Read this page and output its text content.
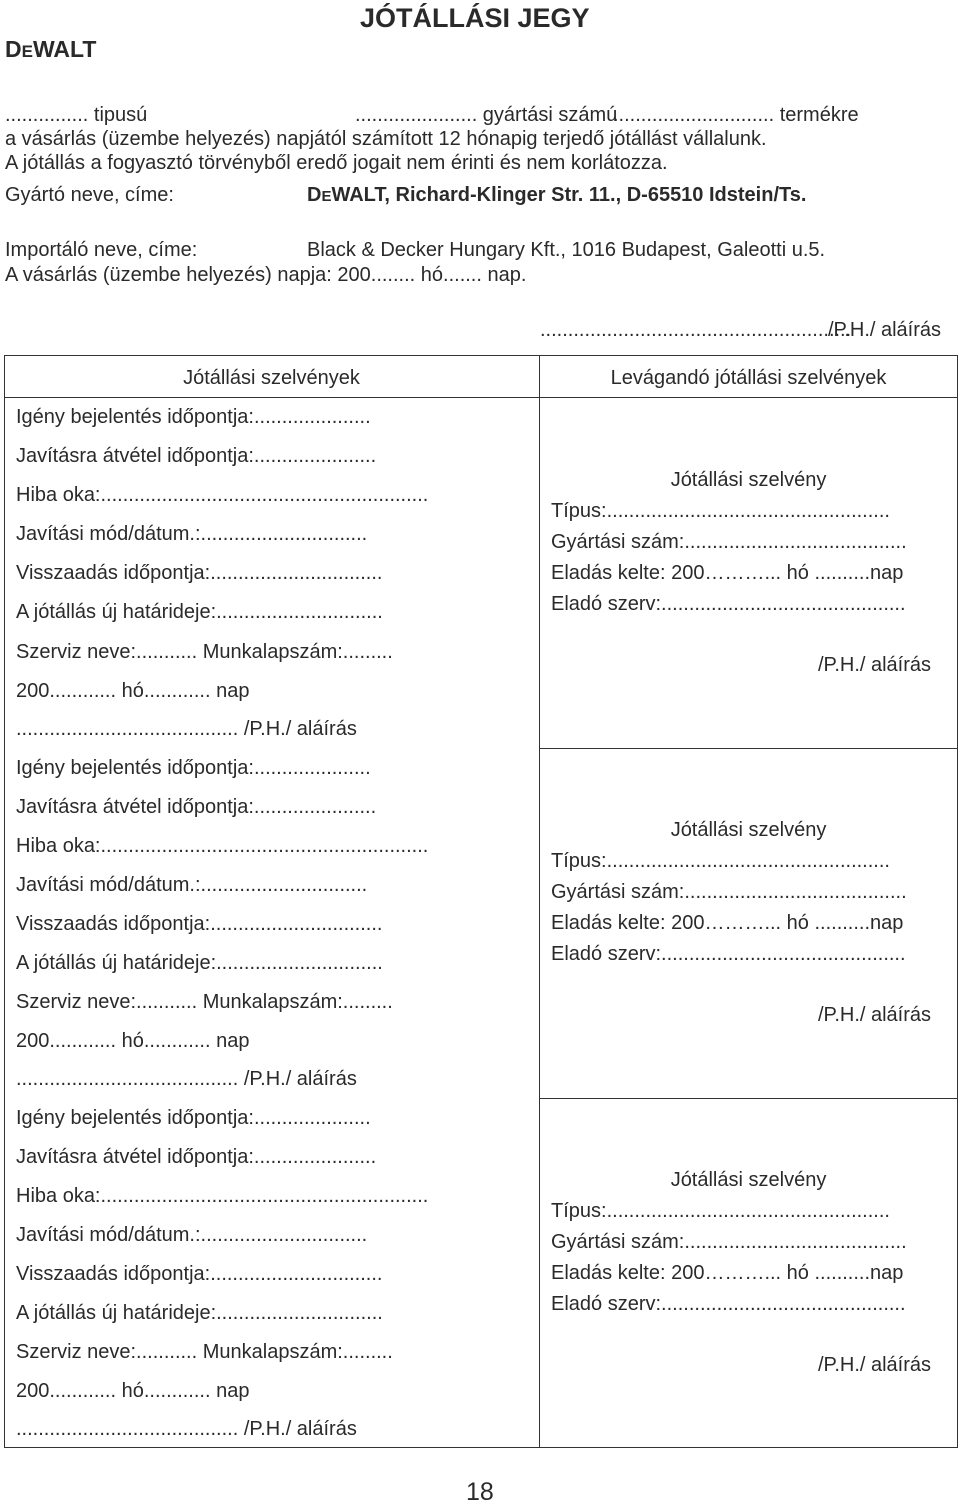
JÓTÁLLÁSI JEGY
DEWALT
............... tipusú	...................... gyártási számú
............................. termékre
a vásárlás (üzembe helyezés) napjától számított 12 hónapig terjedő jótállást vállalunk.
A jótállás a fogyasztó törvényből eredő jogait nem érinti és nem korlátozza.
Gyártó neve, címe:	DEWALT, Richard-Klinger Str. 11., D-65510 Idstein/Ts.
Importáló neve, címe:	Black & Decker Hungary Kft., 1016 Budapest, Galeotti u.5.
A vásárlás (üzembe helyezés) napja: 200........ hó....... nap.
........................................................
/P.H./ aláírás
Jótállási szelvények	Levágandó jótállási szelvények
Igény bejelentés időpontja:.....................
Javításra átvétel időpontja:......................
Hiba oka:...........................................................
Javítási mód/dátum.:..............................
Visszaadás időpontja:...............................
A jótállás új határideje:..............................
Szerviz neve:........... Munkalapszám:.........
200............ hó............ nap
........................................ /P.H./ aláírás
Igény bejelentés időpontja:.....................
Javításra átvétel időpontja:......................
Hiba oka:...........................................................
Javítási mód/dátum.:..............................
Visszaadás időpontja:...............................
A jótállás új határideje:..............................
Szerviz neve:........... Munkalapszám:.........
200............ hó............ nap
........................................ /P.H./ aláírás
Igény bejelentés időpontja:.....................
Javításra átvétel időpontja:......................
Hiba oka:...........................................................
Javítási mód/dátum.:..............................
Visszaadás időpontja:...............................
A jótállás új határideje:..............................
Szerviz neve:........... Munkalapszám:.........
200............ hó............ nap
........................................ /P.H./ aláírás
Jótállási szelvény
Típus:...................................................
Gyártási szám:........................................
Eladás kelte: 200………... hó ..........nap
Eladó szerv:............................................
/P.H./ aláírás
Jótállási szelvény
Típus:...................................................
Gyártási szám:........................................
Eladás kelte: 200………... hó ..........nap
Eladó szerv:............................................
/P.H./ aláírás
Jótállási szelvény
Típus:...................................................
Gyártási szám:........................................
Eladás kelte: 200………... hó ..........nap
Eladó szerv:............................................
/P.H./ aláírás
18
